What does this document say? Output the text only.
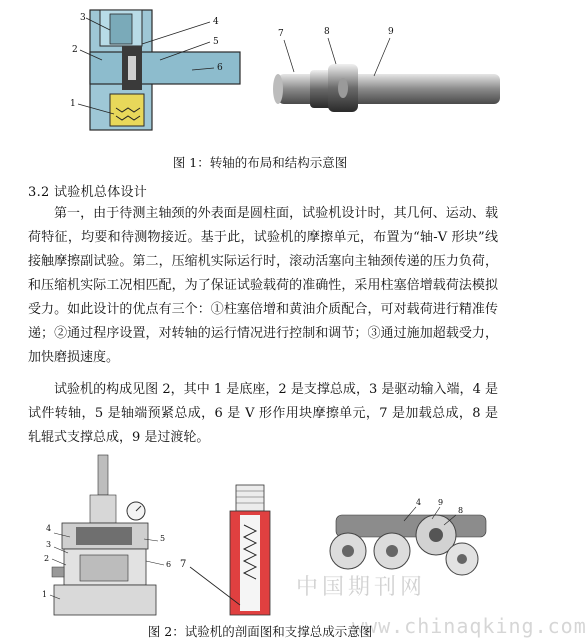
3
2
1
4
5
6
7	8	9
图 1：转轴的布局和结构示意图
3.2 试验机总体设计

第一，由于待测主轴颈的外表面是圆柱面，试验机设计时，其几何、运动、载荷特征，均要和待测物接近。基于此，试验机的摩擦单元，布置为“轴-V 形块”线接触摩擦副试验。第二，压缩机实际运行时，滚动活塞向主轴颈传递的压力负荷，和压缩机实际工况相匹配，为了保证试验载荷的准确性，采用柱塞倍增载荷法模拟受力。如此设计的优点有三个：①柱塞倍增和黄油介质配合，可对载荷进行精准传递；②通过程序设置，对转轴的运行情况进行控制和调节；③通过施加超载受力，加快磨损速度。

试验机的构成见图 2，其中 1 是底座，2 是支撑总成，3 是驱动输入端，4 是试件转轴，5 是轴端预紧总成，6 是 V 形作用块摩擦单元，7 是加载总成，8 是轧辊式支撑总成，9 是过渡轮。

4
3
2
1
5
6 7
4 9
8
中国期刊网
www.chinaqking.com
图 2：试验机的剖面图和支撑总成示意图
